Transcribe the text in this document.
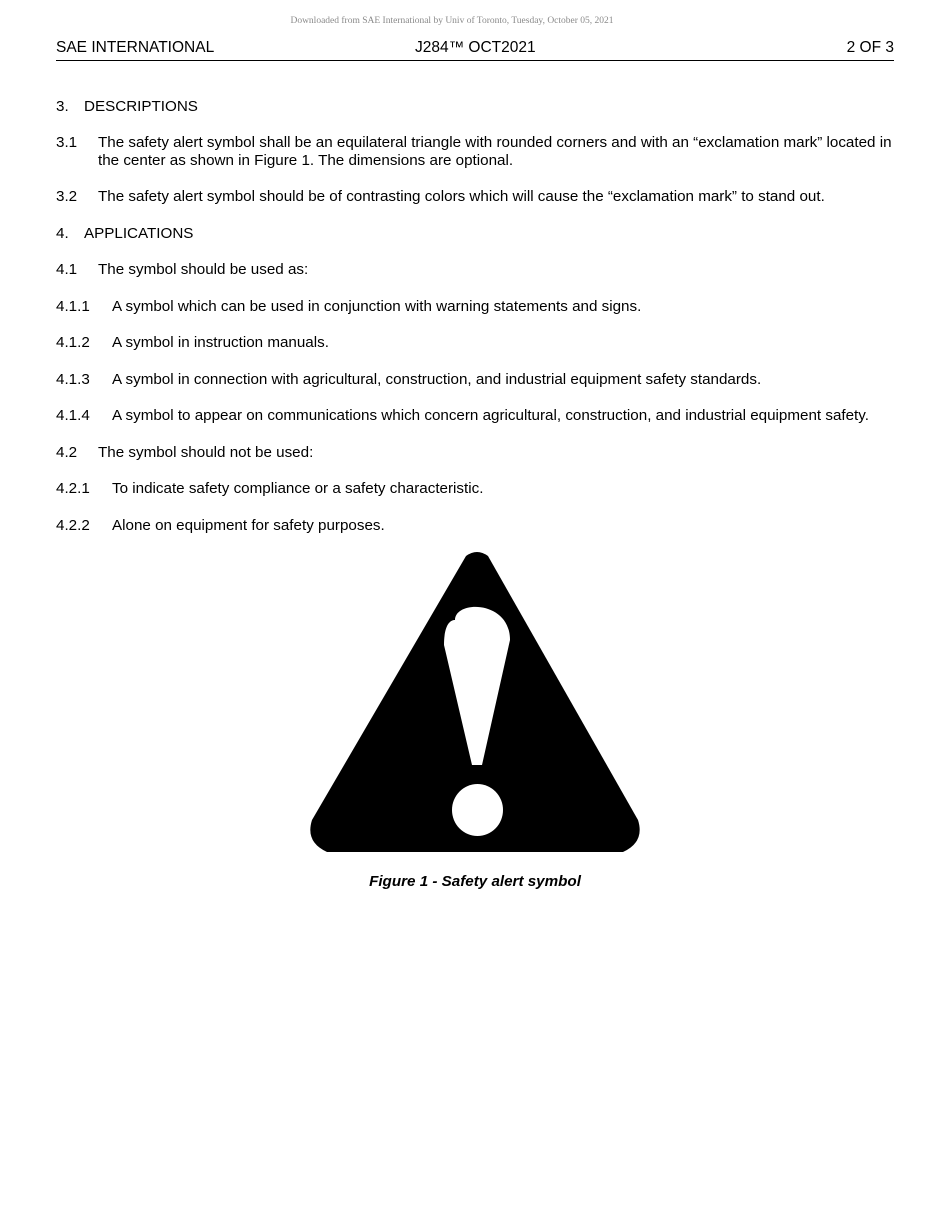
Downloaded from SAE International by Univ of Toronto, Tuesday, October 05, 2021
SAE INTERNATIONAL	J284™ OCT2021	2 OF 3
3. DESCRIPTIONS
3.1 The safety alert symbol shall be an equilateral triangle with rounded corners and with an “exclamation mark” located in the center as shown in Figure 1. The dimensions are optional.
3.2 The safety alert symbol should be of contrasting colors which will cause the “exclamation mark” to stand out.
4. APPLICATIONS
4.1 The symbol should be used as:
4.1.1 A symbol which can be used in conjunction with warning statements and signs.
4.1.2 A symbol in instruction manuals.
4.1.3 A symbol in connection with agricultural, construction, and industrial equipment safety standards.
4.1.4 A symbol to appear on communications which concern agricultural, construction, and industrial equipment safety.
4.2 The symbol should not be used:
4.2.1 To indicate safety compliance or a safety characteristic.
4.2.2 Alone on equipment for safety purposes.
Figure 1 - Safety alert symbol
